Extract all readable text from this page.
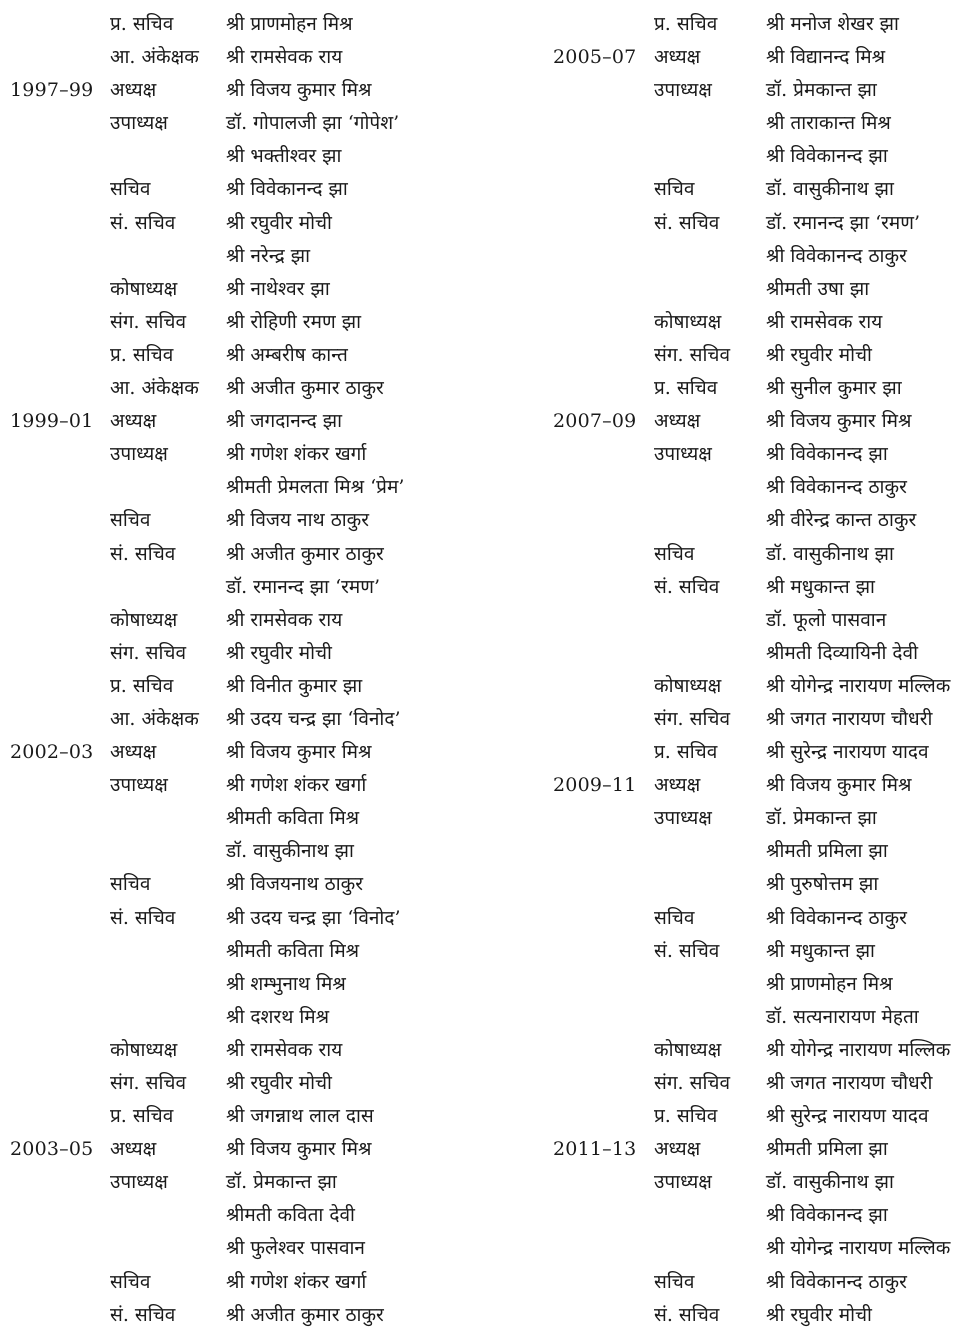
प्र. सचिव	श्री प्राणमोहन मिश्र
आ. अंकेक्षक श्री रामसेवक राय
1997–99 अध्यक्ष	श्री विजय कुमार मिश्र
उपाध्यक्ष	डॉ. गोपालजी झा ‘गोपेश’
श्री भक्तीश्वर झा
सचिव	श्री विवेकानन्द झा
सं. सचिव	श्री रघुवीर मोची
श्री नरेन्द्र झा
कोषाध्यक्ष	श्री नाथेश्वर झा
संग. सचिव श्री रोहिणी रमण झा
प्र. सचिव	श्री अम्बरीष कान्त
आ. अंकेक्षक श्री अजीत कुमार ठाकुर
1999–01 अध्यक्ष	श्री जगदानन्द झा
उपाध्यक्ष	श्री गणेश शंकर खर्गा
श्रीमती प्रेमलता मिश्र ‘प्रेम’
सचिव	श्री विजय नाथ ठाकुर
सं. सचिव	श्री अजीत कुमार ठाकुर
डॉ. रमानन्द झा ‘रमण’
कोषाध्यक्ष	श्री रामसेवक राय
संग. सचिव श्री रघुवीर मोची
प्र. सचिव	श्री विनीत कुमार झा
आ. अंकेक्षक श्री उदय चन्द्र झा ‘विनोद’
2002–03 अध्यक्ष	श्री विजय कुमार मिश्र
उपाध्यक्ष	श्री गणेश शंकर खर्गा
श्रीमती कविता मिश्र
डॉ. वासुकीनाथ झा
सचिव	श्री विजयनाथ ठाकुर
सं. सचिव	श्री उदय चन्द्र झा ‘विनोद’
श्रीमती कविता मिश्र
श्री शम्भुनाथ मिश्र
श्री दशरथ मिश्र
कोषाध्यक्ष	श्री रामसेवक राय
संग. सचिव श्री रघुवीर मोची
प्र. सचिव	श्री जगन्नाथ लाल दास
2003–05 अध्यक्ष	श्री विजय कुमार मिश्र
उपाध्यक्ष	डॉ. प्रेमकान्त झा
श्रीमती कविता देवी
श्री फुलेश्वर पासवान
सचिव	श्री गणेश शंकर खर्गा
सं. सचिव	श्री अजीत कुमार ठाकुर
प्र. सचिव	श्री मनोज शेखर झा
2005–07 अध्यक्ष	श्री विद्यानन्द मिश्र
उपाध्यक्ष	डॉ. प्रेमकान्त झा
श्री ताराकान्त मिश्र
श्री विवेकानन्द झा
सचिव	डॉ. वासुकीनाथ झा
सं. सचिव डॉ. रमानन्द झा ‘रमण’
श्री विवेकानन्द ठाकुर
श्रीमती उषा झा
कोषाध्यक्ष श्री रामसेवक राय
संग. सचिव श्री रघुवीर मोची
प्र. सचिव	श्री सुनील कुमार झा
2007–09 अध्यक्ष	श्री विजय कुमार मिश्र
उपाध्यक्ष	श्री विवेकानन्द झा
श्री विवेकानन्द ठाकुर
श्री वीरेन्द्र कान्त ठाकुर
सचिव	डॉ. वासुकीनाथ झा
सं. सचिव श्री मधुकान्त झा
डॉ. फूलो पासवान
श्रीमती दिव्यायिनी देवी
कोषाध्यक्ष श्री योगेन्द्र नारायण मल्लिक
संग. सचिव श्री जगत नारायण चौधरी
प्र. सचिव	श्री सुरेन्द्र नारायण यादव
2009–11 अध्यक्ष	श्री विजय कुमार मिश्र
उपाध्यक्ष	डॉ. प्रेमकान्त झा
श्रीमती प्रमिला झा
श्री पुरुषोत्तम झा
सचिव	श्री विवेकानन्द ठाकुर
सं. सचिव श्री मधुकान्त झा
श्री प्राणमोहन मिश्र
डॉ. सत्यनारायण मेहता
कोषाध्यक्ष श्री योगेन्द्र नारायण मल्लिक
संग. सचिव श्री जगत नारायण चौधरी
प्र. सचिव	श्री सुरेन्द्र नारायण यादव
2011–13 अध्यक्ष	श्रीमती प्रमिला झा
उपाध्यक्ष	डॉ. वासुकीनाथ झा
श्री विवेकानन्द झा
श्री योगेन्द्र नारायण मल्लिक
सचिव	श्री विवेकानन्द ठाकुर
सं. सचिव श्री रघुवीर मोची
